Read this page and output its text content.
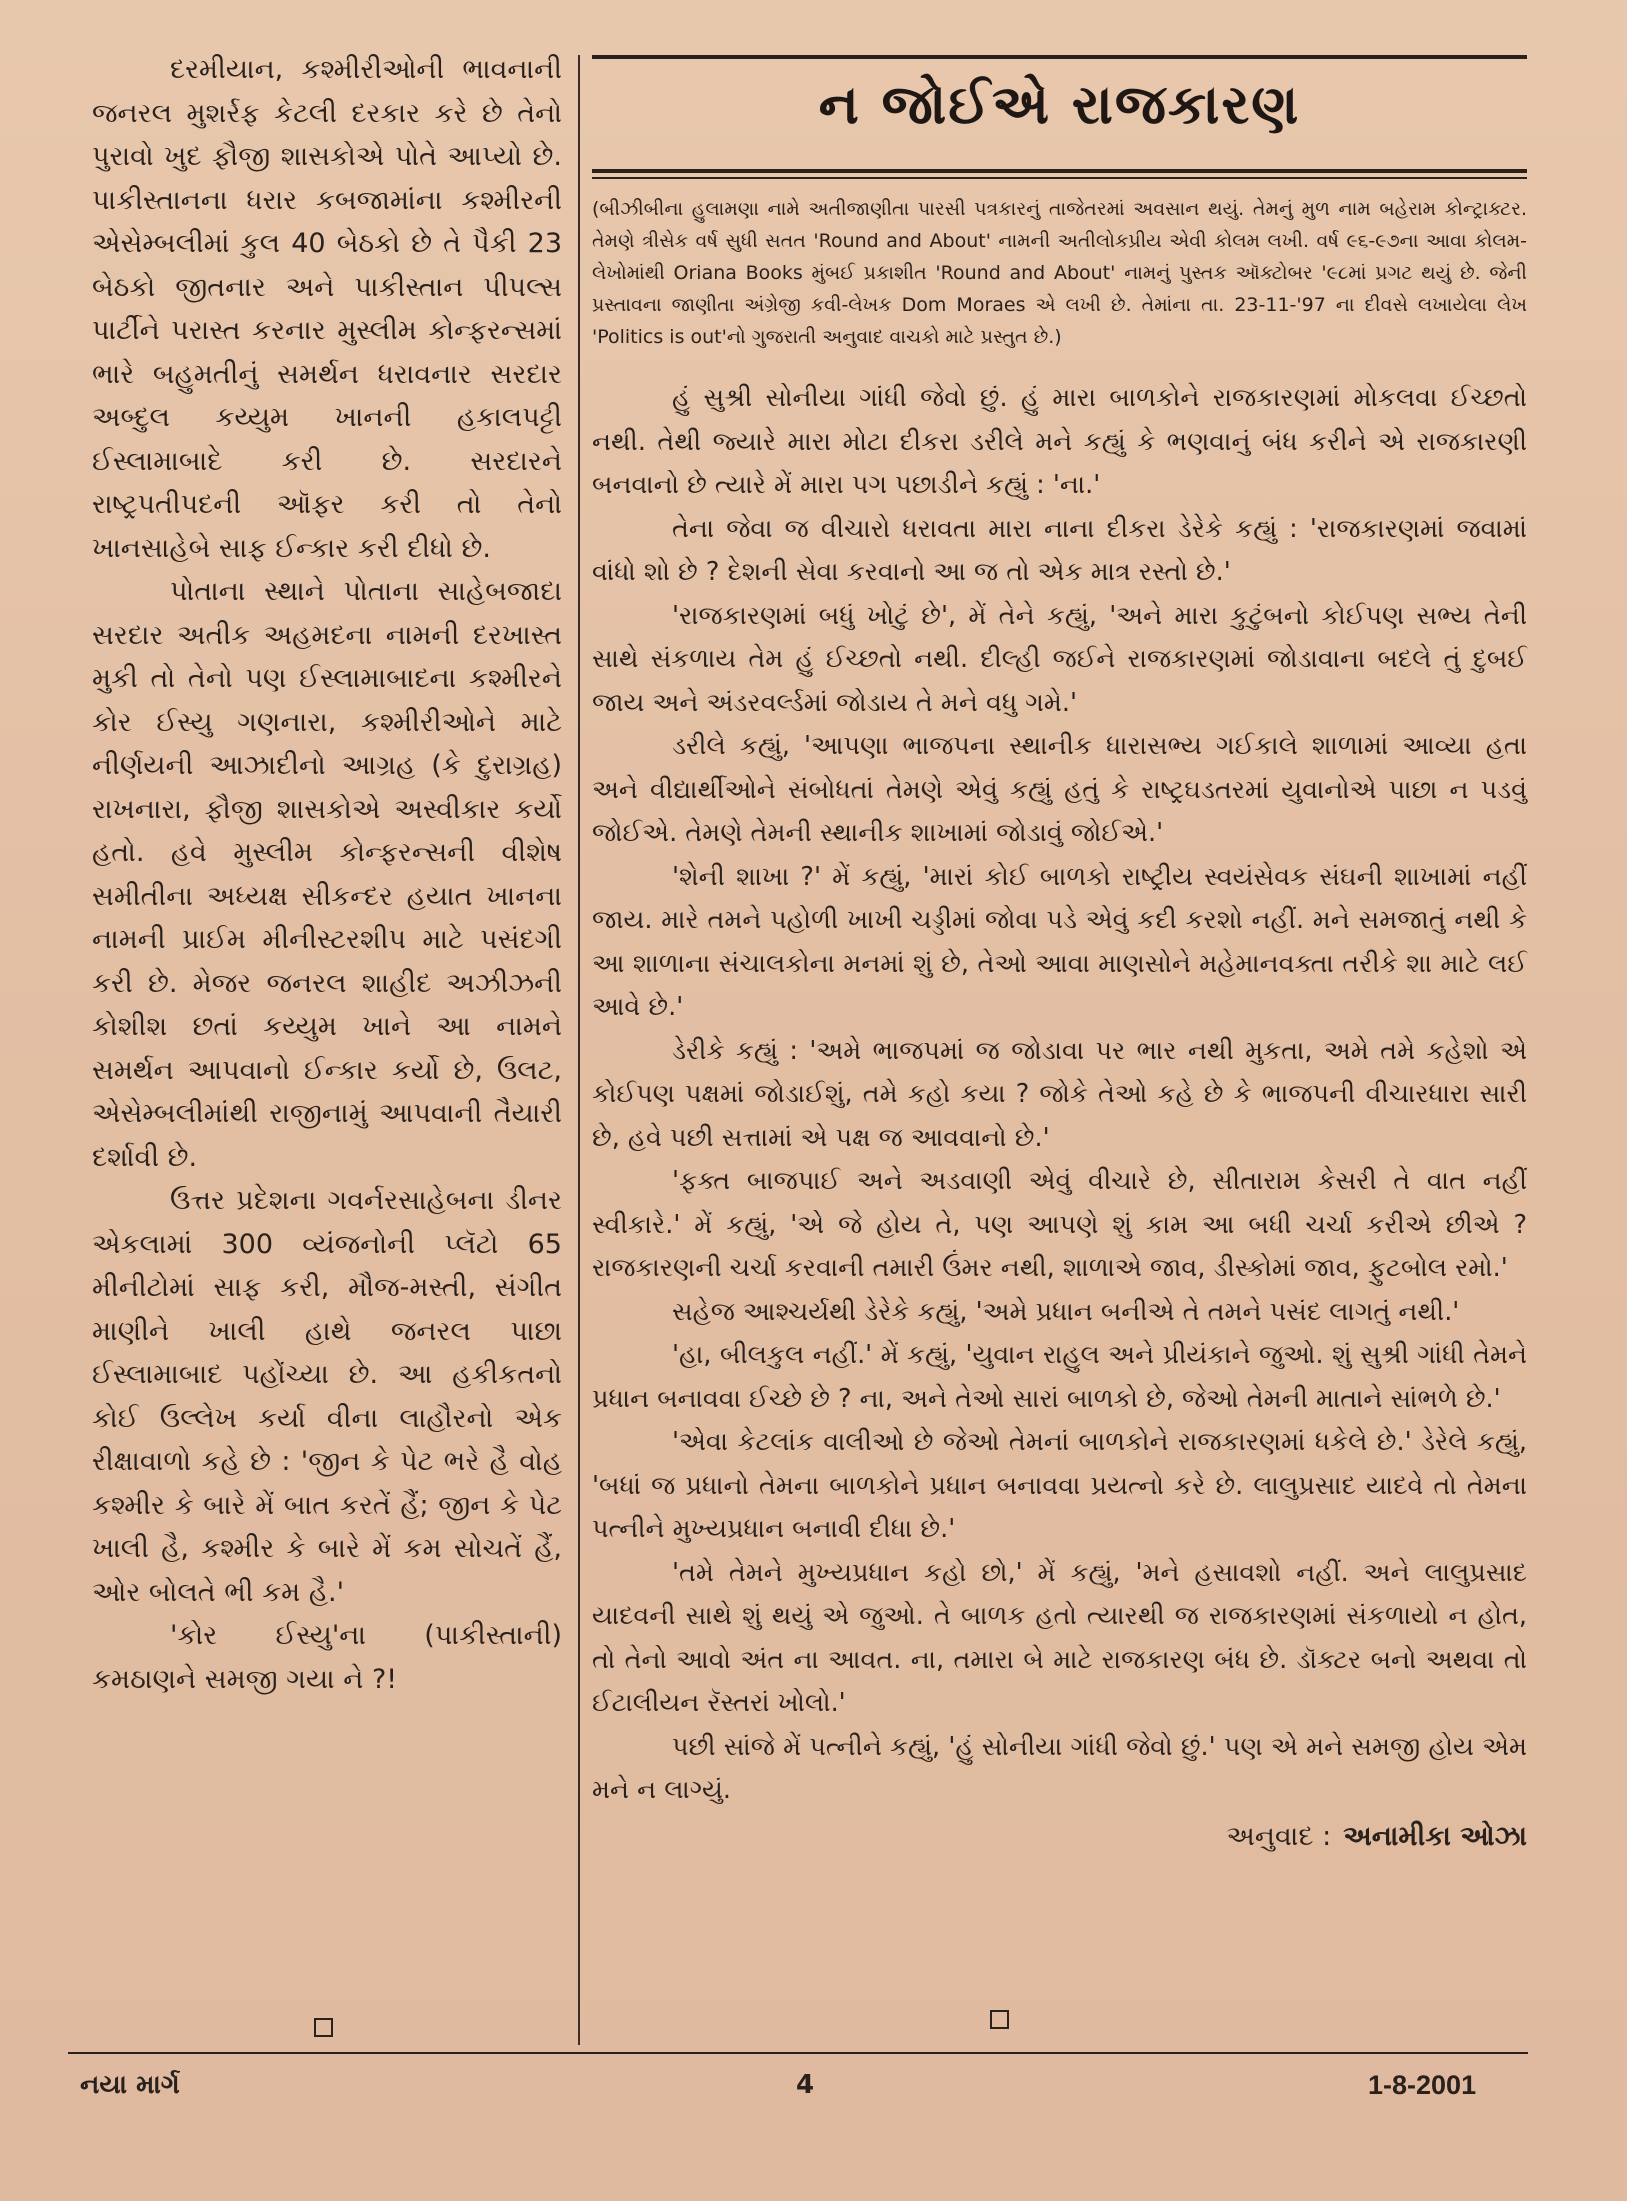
દરમીયાન, કશ્મીરીઓની ભાવનાની જનરલ મુશર્રફ કેટલી દરકાર કરે છે તેનો પુરાવો ખુદ ફૌજી શાસકોએ પોતે આપ્યો છે. પાકીસ્તાનના ધરાર કબજામાંના કશ્મીરની એસેમ્બલીમાં કુલ 40 બેઠકો છે તે પૈકી 23 બેઠકો જીતનાર અને પાકીસ્તાન પીપલ્સ પાર્ટીને પરાસ્ત કરનાર મુસ્લીમ કોન્ફરન્સમાં ભારે બહુમતીનું સમર્થન ધરાવનાર સરદાર અબ્દુલ કય્યુમ ખાનની હકાલપટ્ટી ઈસ્લામાબાદે કરી છે. સરદારને રાષ્ટ્રપતીપદની ઑફર કરી તો તેનો ખાનસાહેબે સાફ ઈન્કાર કરી દીધો છે.

પોતાના સ્થાને પોતાના સાહેબજાદા સરદાર અતીક અહમદના નામની દરખાસ્ત મુકી તો તેનો પણ ઈસ્લામાબાદના કશ્મીરને કોર ઈસ્યુ ગણનારા, કશ્મીરીઓને માટે નીર્ણયની આઝાદીનો આગ્રહ (કે દુરાગ્રહ) રાખનારા, ફૌજી શાસકોએ અસ્વીકાર કર્યો હતો. હવે મુસ્લીમ કોન્ફરન્સની વીશેષ સમીતીના અધ્યક્ષ સીકન્દર હયાત ખાનના નામની પ્રાઈમ મીનીસ્ટરશીપ માટે પસંદગી કરી છે. મેજર જનરલ શાહીદ અઝીઝની કોશીશ છતાં કય્યુમ ખાને આ નામને સમર્થન આપવાનો ઈન્કાર કર્યો છે, ઉલટ, એસેમ્બલીમાંથી રાજીનામું આપવાની તૈયારી દર્શાવી છે.

ઉત્તર પ્રદેશના ગવર્નરસાહેબના ડીનર એકલામાં 300 વ્યંજનોની પ્લૅટો 65 મીનીટોમાં સાફ કરી, મૌજ-મસ્તી, સંગીત માણીને ખાલી હાથે જનરલ પાછા ઈસ્લામાબાદ પહોંચ્યા છે. આ હકીકતનો કોઈ ઉલ્લેખ કર્યા વીના લાહૌરનો એક રીક્ષાવાળો કહે છે : 'જીન કે પેટ ભરે હૈ વોહ કશ્મીર કે બારે મેં બાત કરતેં હૈં; જીન કે પેટ ખાલી હૈ, કશ્મીર કે બારે મેં કમ સોચતેં હૈં, ઓર બોલતે ભી કમ હૈ.'

'કોર ઈસ્યુ'ના (પાકીસ્તાની) કમઠાણને સમજી ગયા ને ?!

ન જોઈએ રાજકારણ
(બીઝીબીના હુલામણા નામે અતીજાણીતા પારસી પત્રકારનું તાજેતરમાં અવસાન થયું. તેમનું મુળ નામ બહેરામ કોન્ટ્રાક્ટર. તેમણે ત્રીસેક વર્ષ સુધી સતત 'Round and About' નામની અતીલોકપ્રીય એવી કોલમ લખી. વર્ષ ૯૬-૯૭ના આવા કોલમ- લેખોમાંથી Oriana Books મુંબઈ પ્રકાશીત 'Round and About' નામનું પુસ્તક ઑક્ટોબર '૯૮માં પ્રગટ થયું છે. જેની પ્રસ્તાવના જાણીતા અંગ્રેજી કવી-લેખક Dom Moraes એ લખી છે. તેમાંના તા. 23-11-'97 ના દીવસે લખાયેલા લેખ 'Politics is out'નો ગુજરાતી અનુવાદ વાચકો માટે પ્રસ્તુત છે.)

હું સુશ્રી સોનીયા ગાંધી જેવો છું. હું મારા બાળકોને રાજકારણમાં મોકલવા ઈચ્છતો નથી. તેથી જ્યારે મારા મોટા દીકરા ડરીલે મને કહ્યું કે ભણવાનું બંધ કરીને એ રાજકારણી બનવાનો છે ત્યારે મેં મારા પગ પછાડીને કહ્યું : 'ના.'

તેના જેવા જ વીચારો ધરાવતા મારા નાના દીકરા ડેરેકે કહ્યું : 'રાજકારણમાં જવામાં વાંધો શો છે ? દેશની સેવા કરવાનો આ જ તો એક માત્ર રસ્તો છે.'

'રાજકારણમાં બધું ખોટું છે', મેં તેને કહ્યું, 'અને મારા કુટુંબનો કોઈપણ સભ્ય તેની સાથે સંકળાય તેમ હું ઈચ્છતો નથી. દીલ્હી જઈને રાજકારણમાં જોડાવાના બદલે તું દુબઈ જાય અને અંડરવર્લ્ડમાં જોડાય તે મને વધુ ગમે.'

ડરીલે કહ્યું, 'આપણા ભાજપના સ્થાનીક ધારાસભ્ય ગઈકાલે શાળામાં આવ્યા હતા અને વીદ્યાર્થીઓને સંબોધતાં તેમણે એવું કહ્યું હતું કે રાષ્ટ્રઘડતરમાં યુવાનોએ પાછા ન પડવું જોઈએ. તેમણે તેમની સ્થાનીક શાખામાં જોડાવું જોઈએ.'

'શેની શાખા ?' મેં કહ્યું, 'મારાં કોઈ બાળકો રાષ્ટ્રીય સ્વયંસેવક સંઘની શાખામાં નહીં જાય. મારે તમને પહોળી ખાખી ચડ્ડીમાં જોવા પડે એવું કદી કરશો નહીં. મને સમજાતું નથી કે આ શાળાના સંચાલકોના મનમાં શું છે, તેઓ આવા માણસોને મહેમાનવક્તા તરીકે શા માટે લઈ આવે છે.'

ડેરીકે કહ્યું : 'અમે ભાજપમાં જ જોડાવા પર ભાર નથી મુકતા, અમે તમે કહેશો એ કોઈપણ પક્ષમાં જોડાઈશું, તમે કહો કયા ? જોકે તેઓ કહે છે કે ભાજપની વીચારધારા સારી છે, હવે પછી સત્તામાં એ પક્ષ જ આવવાનો છે.'

'ફક્ત બાજપાઈ અને અડવાણી એવું વીચારે છે, સીતારામ કેસરી તે વાત નહીં સ્વીકારે.' મેં કહ્યું, 'એ જે હોય તે, પણ આપણે શું કામ આ બધી ચર્ચા કરીએ છીએ ? રાજકારણની ચર્ચા કરવાની તમારી ઉંમર નથી, શાળાએ જાવ, ડીસ્કોમાં જાવ, ફુટબોલ રમો.'

સહેજ આશ્ચર્યથી ડેરેકે કહ્યું, 'અમે પ્રધાન બનીએ તે તમને પસંદ લાગતું નથી.'

'હા, બીલકુલ નહીં.' મેં કહ્યું, 'યુવાન રાહુલ અને પ્રીયંકાને જુઓ. શું સુશ્રી ગાંધી તેમને પ્રધાન બનાવવા ઈચ્છે છે ? ના, અને તેઓ સારાં બાળકો છે, જેઓ તેમની માતાને સાંભળે છે.'

'એવા કેટલાંક વાલીઓ છે જેઓ તેમનાં બાળકોને રાજકારણમાં ધકેલે છે.' ડેરેલે કહ્યું, 'બધાં જ પ્રધાનો તેમના બાળકોને પ્રધાન બનાવવા પ્રયત્નો કરે છે. લાલુપ્રસાદ યાદવે તો તેમના પત્નીને મુખ્યપ્રધાન બનાવી દીધા છે.'

'તમે તેમને મુખ્યપ્રધાન કહો છો,' મેં કહ્યું, 'મને હસાવશો નહીં. અને લાલુપ્રસાદ યાદવની સાથે શું થયું એ જુઓ. તે બાળક હતો ત્યારથી જ રાજકારણમાં સંકળાયો ન હોત, તો તેનો આવો અંત ના આવત. ના, તમારા બે માટે રાજકારણ બંધ છે. ડૉક્ટર બનો અથવા તો ઈટાલીયન રૅસ્તરાં ખોલો.'

પછી સાંજે મેં પત્નીને કહ્યું, 'હું સોનીયા ગાંધી જેવો છું.' પણ એ મને સમજી હોય એમ મને ન લાગ્યું.

અનુવાદ : અનામીકા ઓઝા
નયા માર્ગ	4	1-8-2001
